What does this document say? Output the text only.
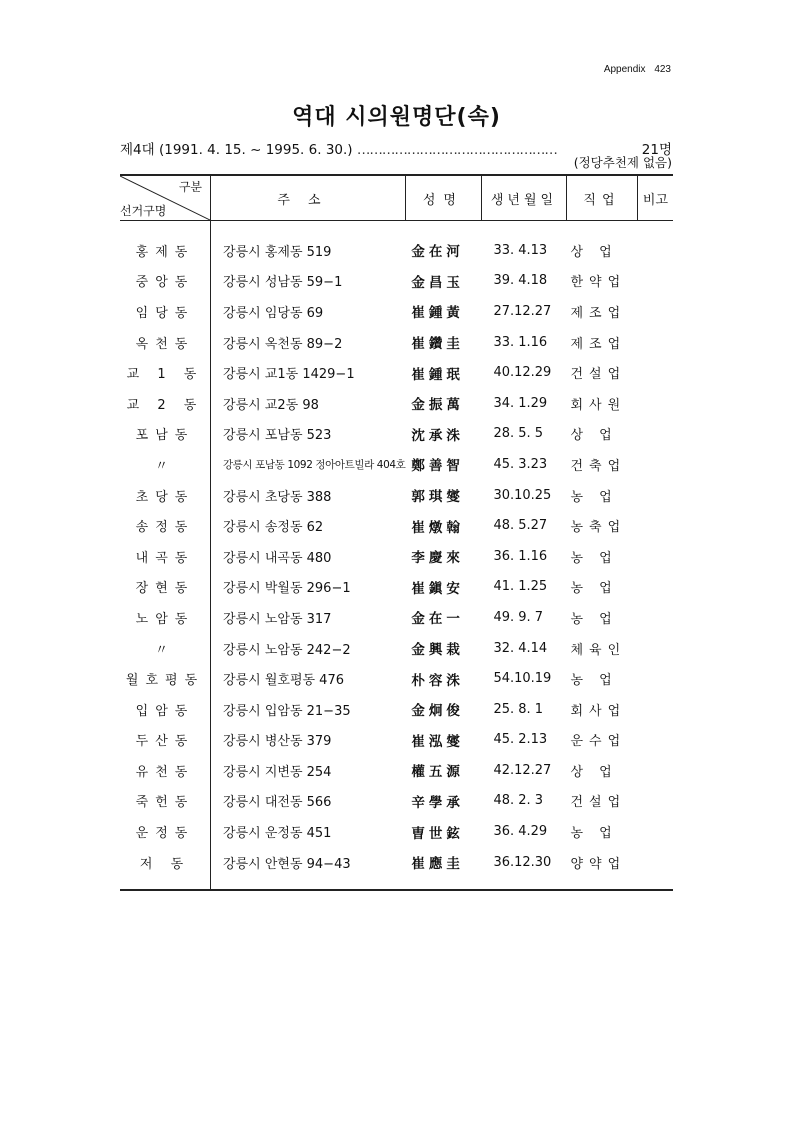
Appendix 423
역대 시의원명단(속)
제4대 (1991. 4. 15. ~ 1995. 6. 30.) …………………………………………	21명
(정당추천제 없음)
구분
선거구명	주소	성명	생년월일	직업	비고
홍제동	강릉시 홍제동 519	金在河	33. 4.13	상 업	
중앙동	강릉시 성남동 59−1	金昌玉	39. 4.18	한약업	
임당동	강릉시 임당동 69	崔鍾黃	27.12.27	제조업	
옥천동	강릉시 옥천동 89−2	崔鑽圭	33. 1.16	제조업	
교 1 동	강릉시 교1동 1429−1	崔鍾珉	40.12.29	건설업	
교 2 동	강릉시 교2동 98	金振萬	34. 1.29	회사원	
포남동	강릉시 포남동 523	沈承洙	28. 5. 5	상 업	
〃	강릉시 포남동 1092 정아아트빌라 404호	鄭善智	45. 3.23	건축업	
초당동	강릉시 초당동 388	郭琪燮	30.10.25	농 업	
송정동	강릉시 송정동 62	崔燉翰	48. 5.27	농축업	
내곡동	강릉시 내곡동 480	李慶來	36. 1.16	농 업	
장현동	강릉시 박월동 296−1	崔鎭安	41. 1.25	농 업	
노암동	강릉시 노암동 317	金在一	49. 9. 7	농 업	
〃	강릉시 노암동 242−2	金興栽	32. 4.14	체육인	
월호평동	강릉시 월호평동 476	朴容洙	54.10.19	농 업	
입암동	강릉시 입암동 21−35	金炯俊	25. 8. 1	회사업	
두산동	강릉시 병산동 379	崔泓燮	45. 2.13	운수업	
유천동	강릉시 지변동 254	權五源	42.12.27	상 업	
죽헌동	강릉시 대전동 566	辛學承	48. 2. 3	건설업	
운정동	강릉시 운정동 451	曺世鉉	36. 4.29	농 업	
저 동	강릉시 안현동 94−43	崔應圭	36.12.30	양약업	
